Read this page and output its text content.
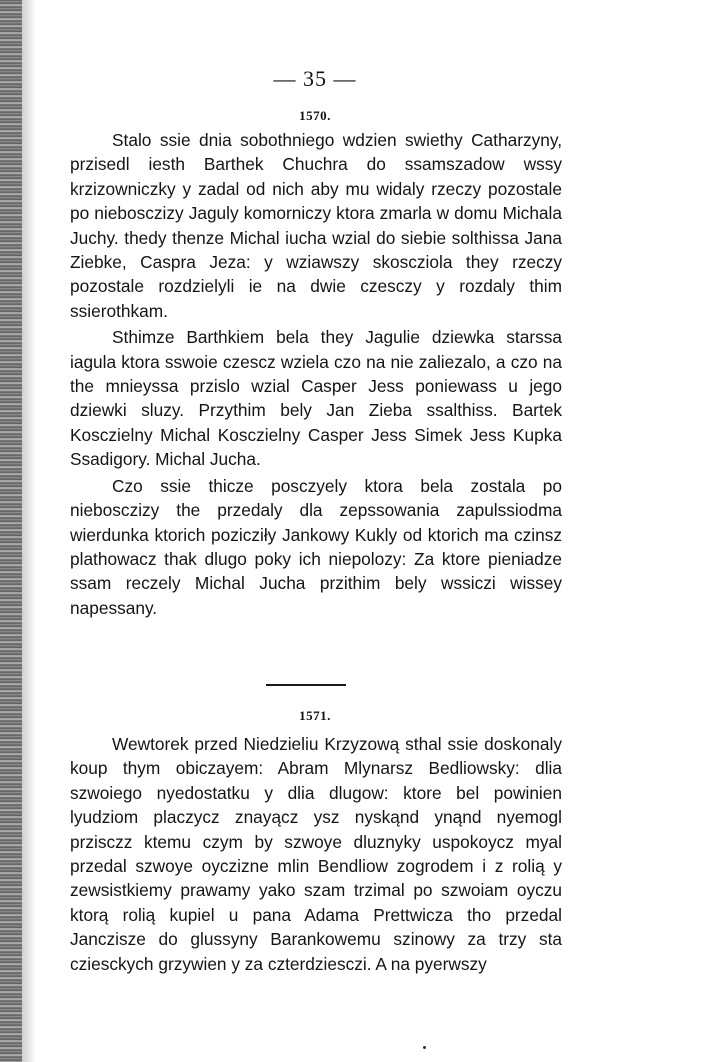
— 35 —
1570.

Stalo ssie dnia sobothniego wdzien swiethy Catharzyny, przisedl iesth Barthek Chuchra do ssamszadow wssy krzizowniczky y zadal od nich aby mu widaly rzeczy pozostale po niebosczizy Jaguly komorniczy ktora zmarla w domu Michala Juchy. thedy thenze Michal iucha wzial do siebie solthissa Jana Ziebke, Caspra Jeza: y wziawszy skoscziola they rzeczy pozostale rozdzielyli ie na dwie czesczy y rozdaly thim ssierothkam.

Sthimze Barthkiem bela they Jagulie dziewka starssa iagula ktora sswoie czescz wziela czo na nie zaliezalo, a czo na the mnieyssa przislo wzial Casper Jess poniewass u jego dziewki sluzy. Przythim bely Jan Zieba ssalthiss. Bartek Kosczielny Michal Kosczielny Casper Jess Simek Jess Kupka Ssadigory. Michal Jucha.

Czo ssie thicze posczyely ktora bela zostala po niebosczizy the przedaly dla zepssowania zapulssiodma wierdunka ktorich pozicziły Jankowy Kukly od ktorich ma czinsz plathowacz thak dlugo poky ich niepolozy: Za ktore pieniadze ssam reczely Michal Jucha przithim bely wssiczi wissey napessany.

1571.

Wewtorek przed Niedzieliu Krzyzową sthal ssie doskonaly koup thym obiczayem: Abram Mlynarsz Bedliowsky: dlia szwoiego nyedostatku y dlia dlugow: ktore bel powinien lyudziom placzycz znayącz ysz nyskąnd ynąnd nyemogl przisczz ktemu czym by szwoye dluznyky uspokoycz myal przedal szwoye oyczizne mlin Bendliow zogrodem i z rolią y zewsistkiemy prawamy yako szam trzimal po szwoiam oyczu ktorą rolią kupiel u pana Adama Prettwicza tho przedal Janczisze do glussyny Barankowemu szinowy za trzy sta cziesckych grzywien y za czterdziesczi. A na pyerwszy
